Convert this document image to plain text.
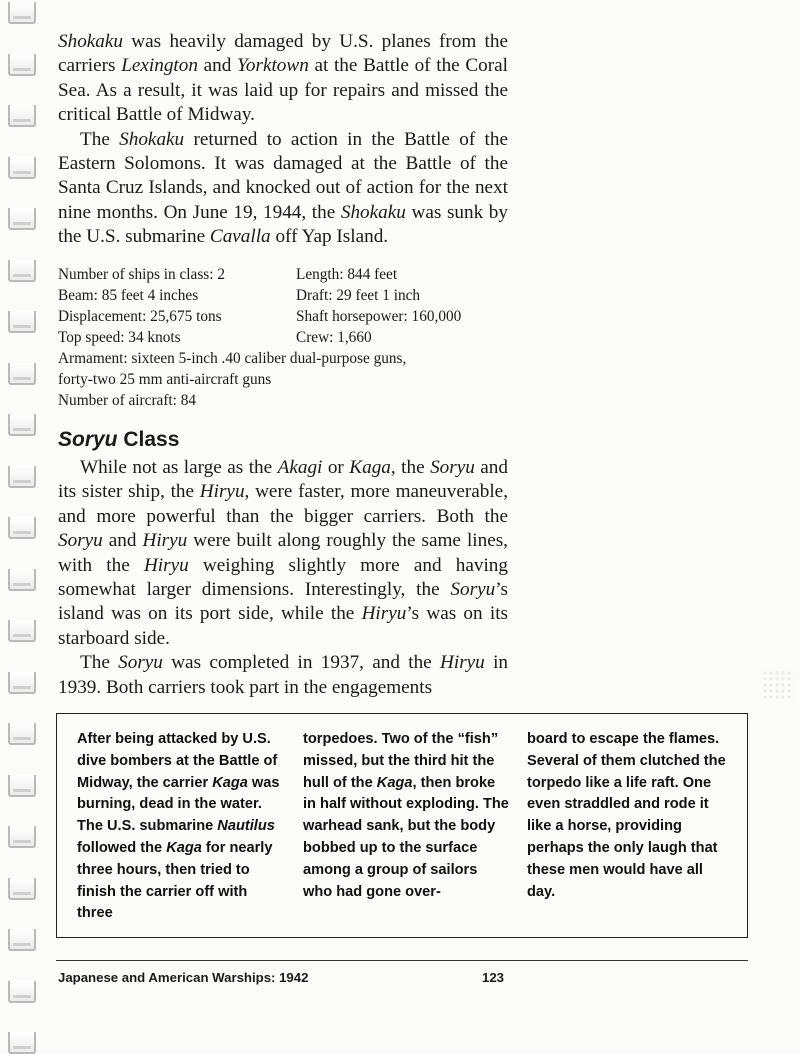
Shokaku was heavily damaged by U.S. planes from the carriers Lexington and Yorktown at the Battle of the Coral Sea. As a result, it was laid up for repairs and missed the critical Battle of Midway.

The Shokaku returned to action in the Battle of the Eastern Solomons. It was damaged at the Battle of the Santa Cruz Islands, and knocked out of action for the next nine months. On June 19, 1944, the Shokaku was sunk by the U.S. submarine Cavalla off Yap Island.

Number of ships in class: 2	Length: 844 feet
Beam: 85 feet 4 inches	Draft: 29 feet 1 inch
Displacement: 25,675 tons	Shaft horsepower: 160,000
Top speed: 34 knots	Crew: 1,660
Armament: sixteen 5-inch .40 caliber dual-purpose guns,
forty-two 25 mm anti-aircraft guns
Number of aircraft: 84
Soryu Class

While not as large as the Akagi or Kaga, the Soryu and its sister ship, the Hiryu, were faster, more maneuverable, and more powerful than the bigger carriers. Both the Soryu and Hiryu were built along roughly the same lines, with the Hiryu weighing slightly more and having somewhat larger dimensions. Interestingly, the Soryu’s island was on its port side, while the Hiryu’s was on its starboard side.

The Soryu was completed in 1937, and the Hiryu in 1939. Both carriers took part in the engagements

After being attacked by U.S. dive bombers at the Battle of Midway, the carrier Kaga was burning, dead in the water. The U.S. submarine Nautilus followed the Kaga for nearly three hours, then tried to finish the carrier off with three
torpedoes. Two of the “fish” missed, but the third hit the hull of the Kaga, then broke in half without exploding. The warhead sank, but the body bobbed up to the surface among a group of sailors who had gone over-
board to escape the flames. Several of them clutched the torpedo like a life raft. One even straddled and rode it like a horse, providing perhaps the only laugh that these men would have all day.
Japanese and American Warships: 1942	123
